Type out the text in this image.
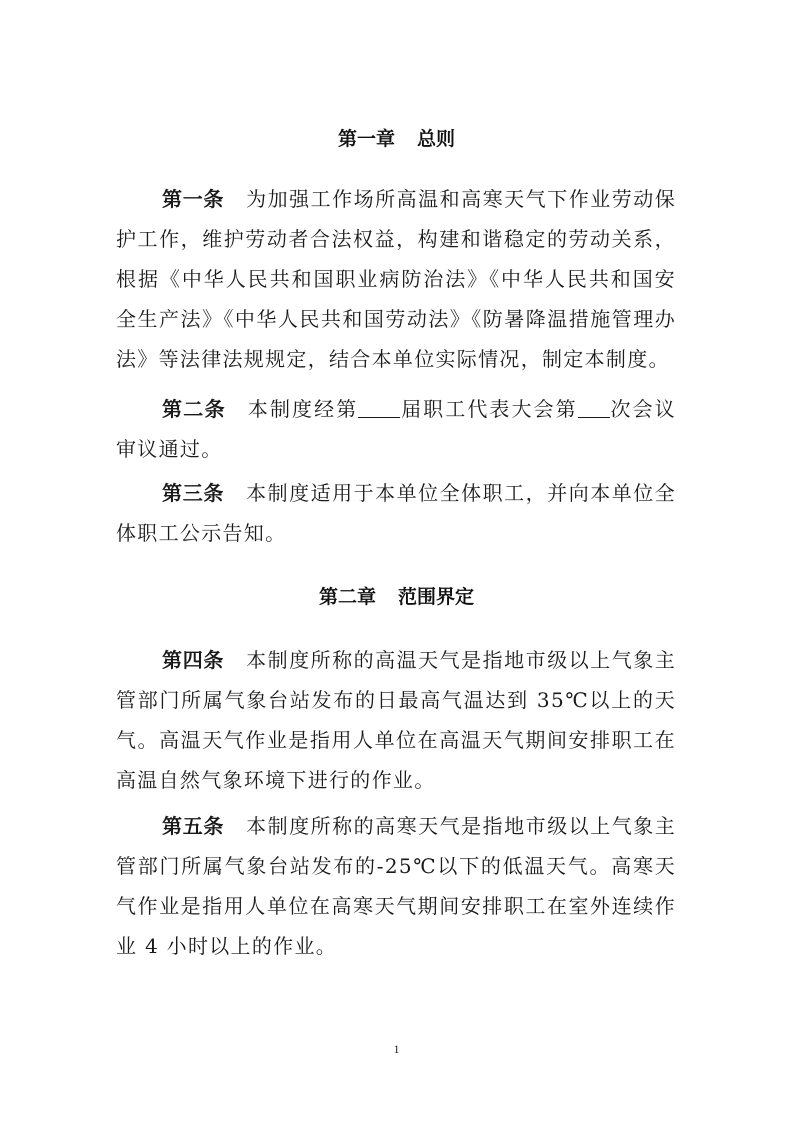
第一章 总则
第一条 为加强工作场所高温和高寒天气下作业劳动保护工作，维护劳动者合法权益，构建和谐稳定的劳动关系，根据《中华人民共和国职业病防治法》《中华人民共和国安全生产法》《中华人民共和国劳动法》《防暑降温措施管理办法》等法律法规规定，结合本单位实际情况，制定本制度。
第二条 本制度经第 届职工代表大会第 次会议审议通过。
第三条 本制度适用于本单位全体职工，并向本单位全体职工公示告知。
第二章 范围界定
第四条 本制度所称的高温天气是指地市级以上气象主管部门所属气象台站发布的日最高气温达到 35℃以上的天气。高温天气作业是指用人单位在高温天气期间安排职工在高温自然气象环境下进行的作业。
第五条 本制度所称的高寒天气是指地市级以上气象主管部门所属气象台站发布的-25℃以下的低温天气。高寒天气作业是指用人单位在高寒天气期间安排职工在室外连续作业 4 小时以上的作业。
1
